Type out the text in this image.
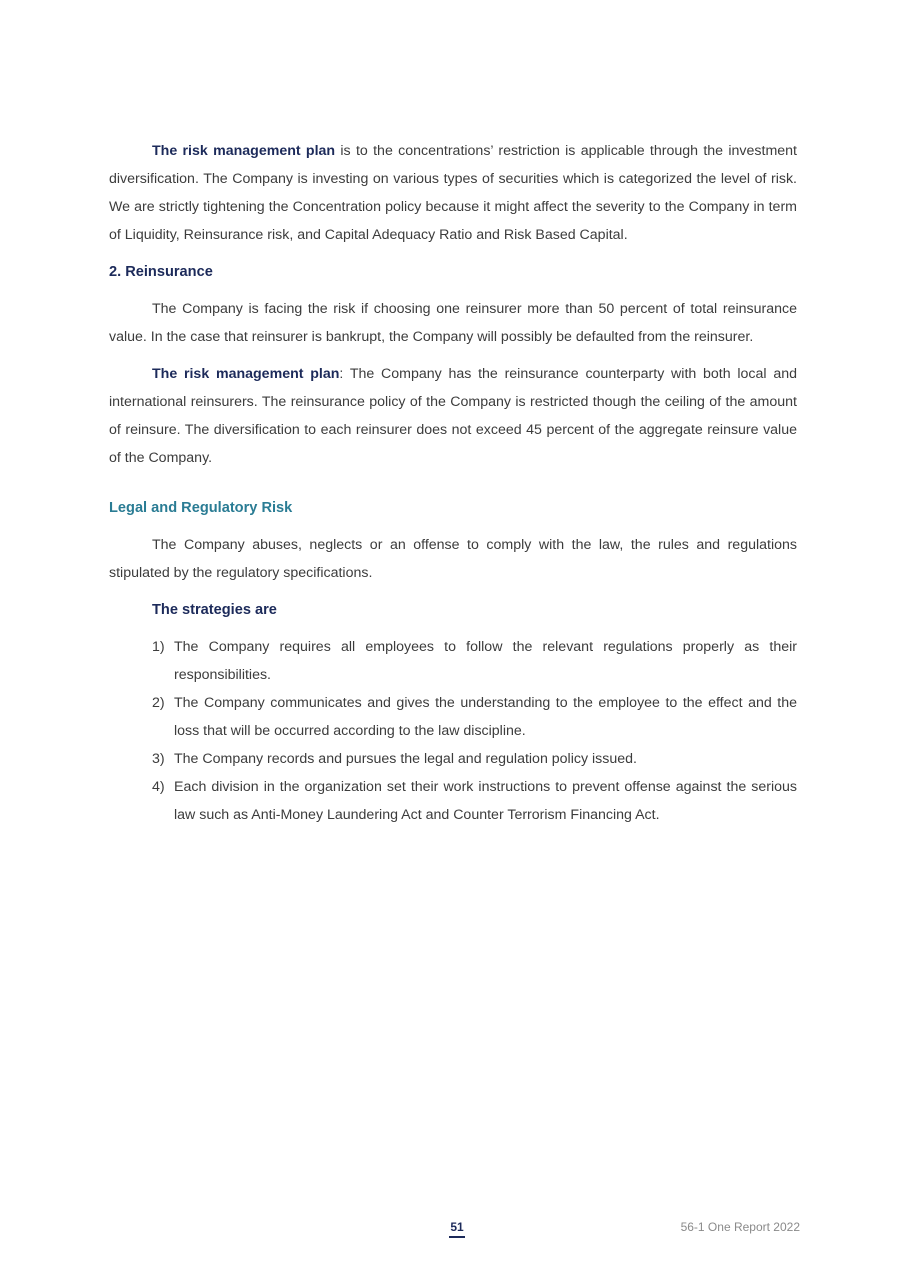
The risk management plan is to the concentrations’ restriction is applicable through the investment diversification. The Company is investing on various types of securities which is categorized the level of risk. We are strictly tightening the Concentration policy because it might affect the severity to the Company in term of Liquidity, Reinsurance risk, and Capital Adequacy Ratio and Risk Based Capital.

2. Reinsurance

The Company is facing the risk if choosing one reinsurer more than 50 percent of total reinsurance value. In the case that reinsurer is bankrupt, the Company will possibly be defaulted from the reinsurer.

The risk management plan: The Company has the reinsurance counterparty with both local and international reinsurers. The reinsurance policy of the Company is restricted though the ceiling of the amount of reinsure. The diversification to each reinsurer does not exceed 45 percent of the aggregate reinsure value of the Company.

Legal and Regulatory Risk

The Company abuses, neglects or an offense to comply with the law, the rules and regulations stipulated by the regulatory specifications.

The strategies are

1) The Company requires all employees to follow the relevant regulations properly as their responsibilities.
2) The Company communicates and gives the understanding to the employee to the effect and the loss that will be occurred according to the law discipline.
3) The Company records and pursues the legal and regulation policy issued.
4) Each division in the organization set their work instructions to prevent offense against the serious law such as Anti-Money Laundering Act and Counter Terrorism Financing Act.
51	56-1 One Report 2022
